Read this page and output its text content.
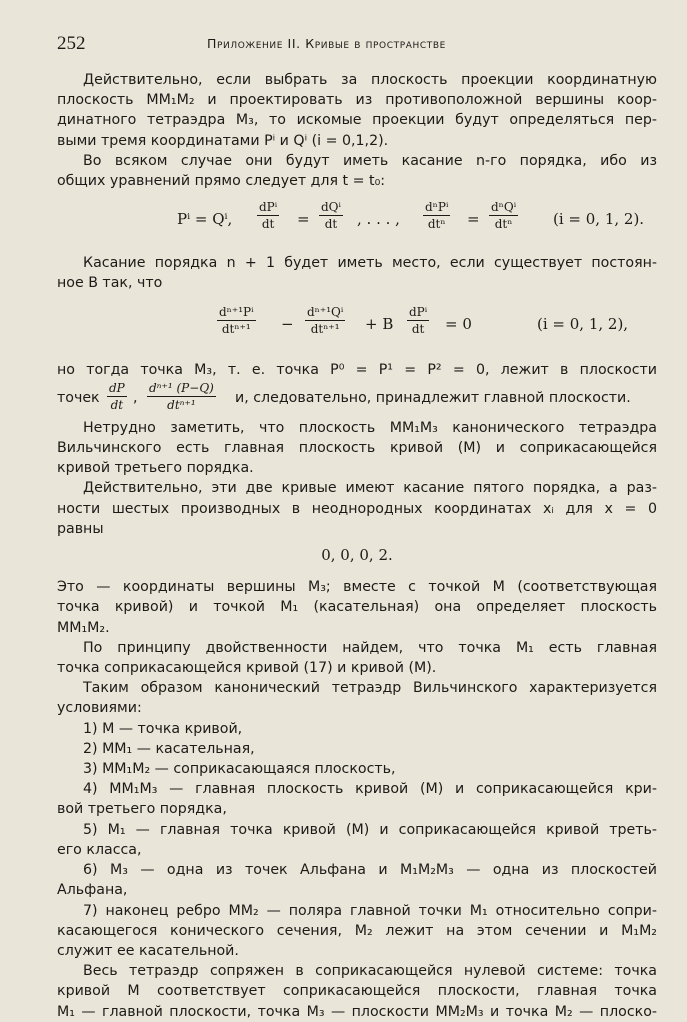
252	Приложение II. Кривые в пространстве

Действительно, если выбрать за плоскость проекции координатную

плоскость MM₁M₂ и проектировать из противоположной вершины коор-

динатного тетраэдра M₃, то искомые проекции будут определяться пер-

выми тремя координатами Pⁱ и Qⁱ (i = 0,1,2).

Во всяком случае они будут иметь касание n-го порядка, ибо из

общих уравнений прямо следует для t = t₀:

Pⁱ = Qⁱ,
dPⁱ
dt =
dQⁱ
dt , . . . ,
dⁿPⁱ
dtⁿ =
dⁿQⁱ
dtⁿ	(i = 0, 1, 2).

Касание порядка n + 1 будет иметь место, если существует постоян-

ное B так, что

dⁿ⁺¹Pⁱ
dtⁿ⁺¹ −
dⁿ⁺¹Qⁱ
dtⁿ⁺¹ + B
dPⁱ
dt = 0	(i = 0, 1, 2),

но тогда точка M₃, т. е. точка P⁰ = P¹ = P² = 0, лежит в плоскости

точек $\frac{dP}{dt}$ ,
dⁿ⁺¹ (P−Q)
dtⁿ⁺¹	и, следовательно, принадлежит главной плоскости.

Нетрудно заметить, что плоскость MM₁M₃ канонического тетраэдра

Вильчинского есть главная плоскость кривой (M) и соприкасающейся

кривой третьего порядка.

Действительно, эти две кривые имеют касание пятого порядка, а раз-

ности шестых производных в неоднородных координатах xᵢ для x = 0

равны

0, 0, 0, 2.

Это — координаты вершины M₃; вместе с точкой M (соответствующая

точка кривой) и точкой M₁ (касательная) она определяет плоскость

MM₁M₂.

По принципу двойственности найдем, что точка M₁ есть главная

точка соприкасающейся кривой (17) и кривой (M).

Таким образом канонический тетраэдр Вильчинского характеризуется

условиями:

1) M — точка кривой,

2) MM₁ — касательная,

3) MM₁M₂ — соприкасающаяся плоскость,

4) MM₁M₃ — главная плоскость кривой (M) и соприкасающейся кри-

вой третьего порядка,

5) M₁ — главная точка кривой (M) и соприкасающейся кривой треть-

его класса,

6) M₃ — одна из точек Альфана и M₁M₂M₃ — одна из плоскостей

Альфана,

7) наконец ребро MM₂ — поляра главной точки M₁ относительно сопри-

касающегося конического сечения, M₂ лежит на этом сечении и M₁M₂

служит ее касательной.

Весь тетраэдр сопряжен в соприкасающейся нулевой системе: точка

кривой M соответствует соприкасающейся плоскости, главная точка

M₁ — главной плоскости, точка M₃ — плоскости MM₂M₃ и точка M₂ — плоско-
